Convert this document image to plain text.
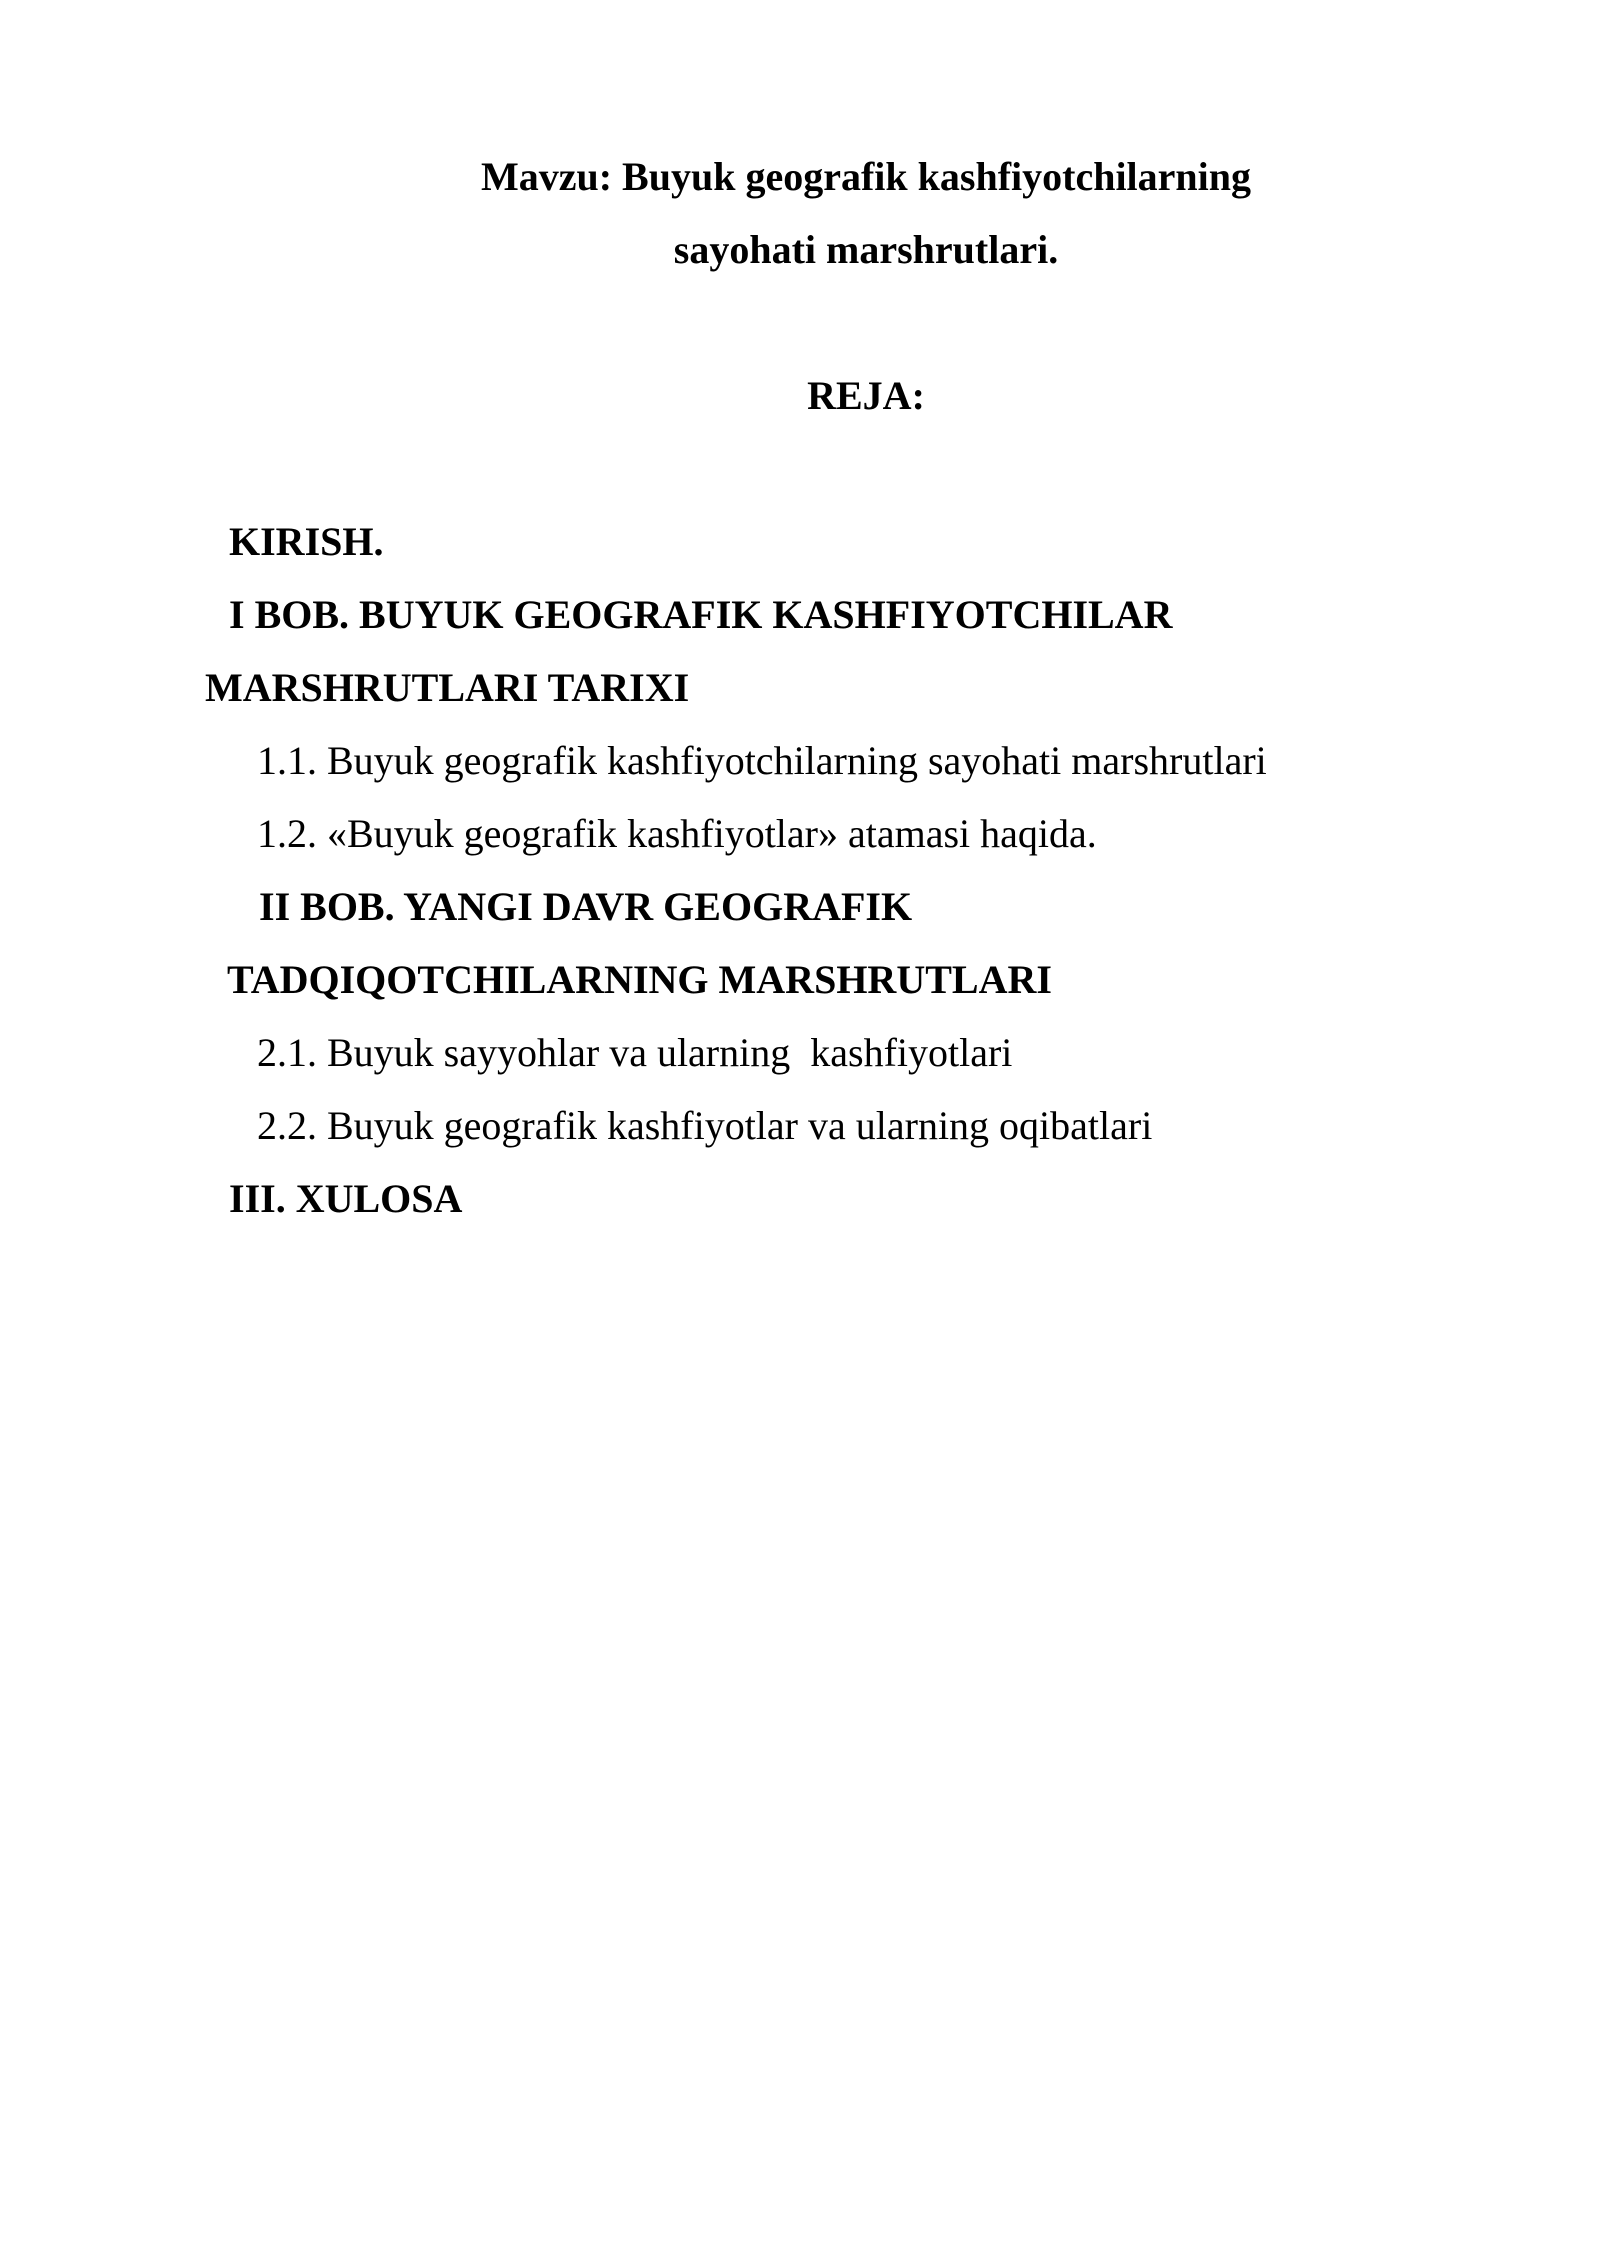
Mavzu: Buyuk geografik kashfiyotchilarning
sayohati marshrutlari.
REJA:
KIRISH.
I BOB. BUYUK GEOGRAFIK KASHFIYOTCHILAR
MARSHRUTLARI TARIXI
1.1. Buyuk geografik kashfiyotchilarning sayohati marshrutlari
1.2. «Buyuk geografik kashfiyotlar» atamasi haqida.
II BOB. YANGI DAVR GEOGRAFIK
TADQIQOTCHILARNING MARSHRUTLARI
2.1. Buyuk sayyohlar va ularning  kashfiyotlari
2.2. Buyuk geografik kashfiyotlar va ularning oqibatlari
III. XULOSA
